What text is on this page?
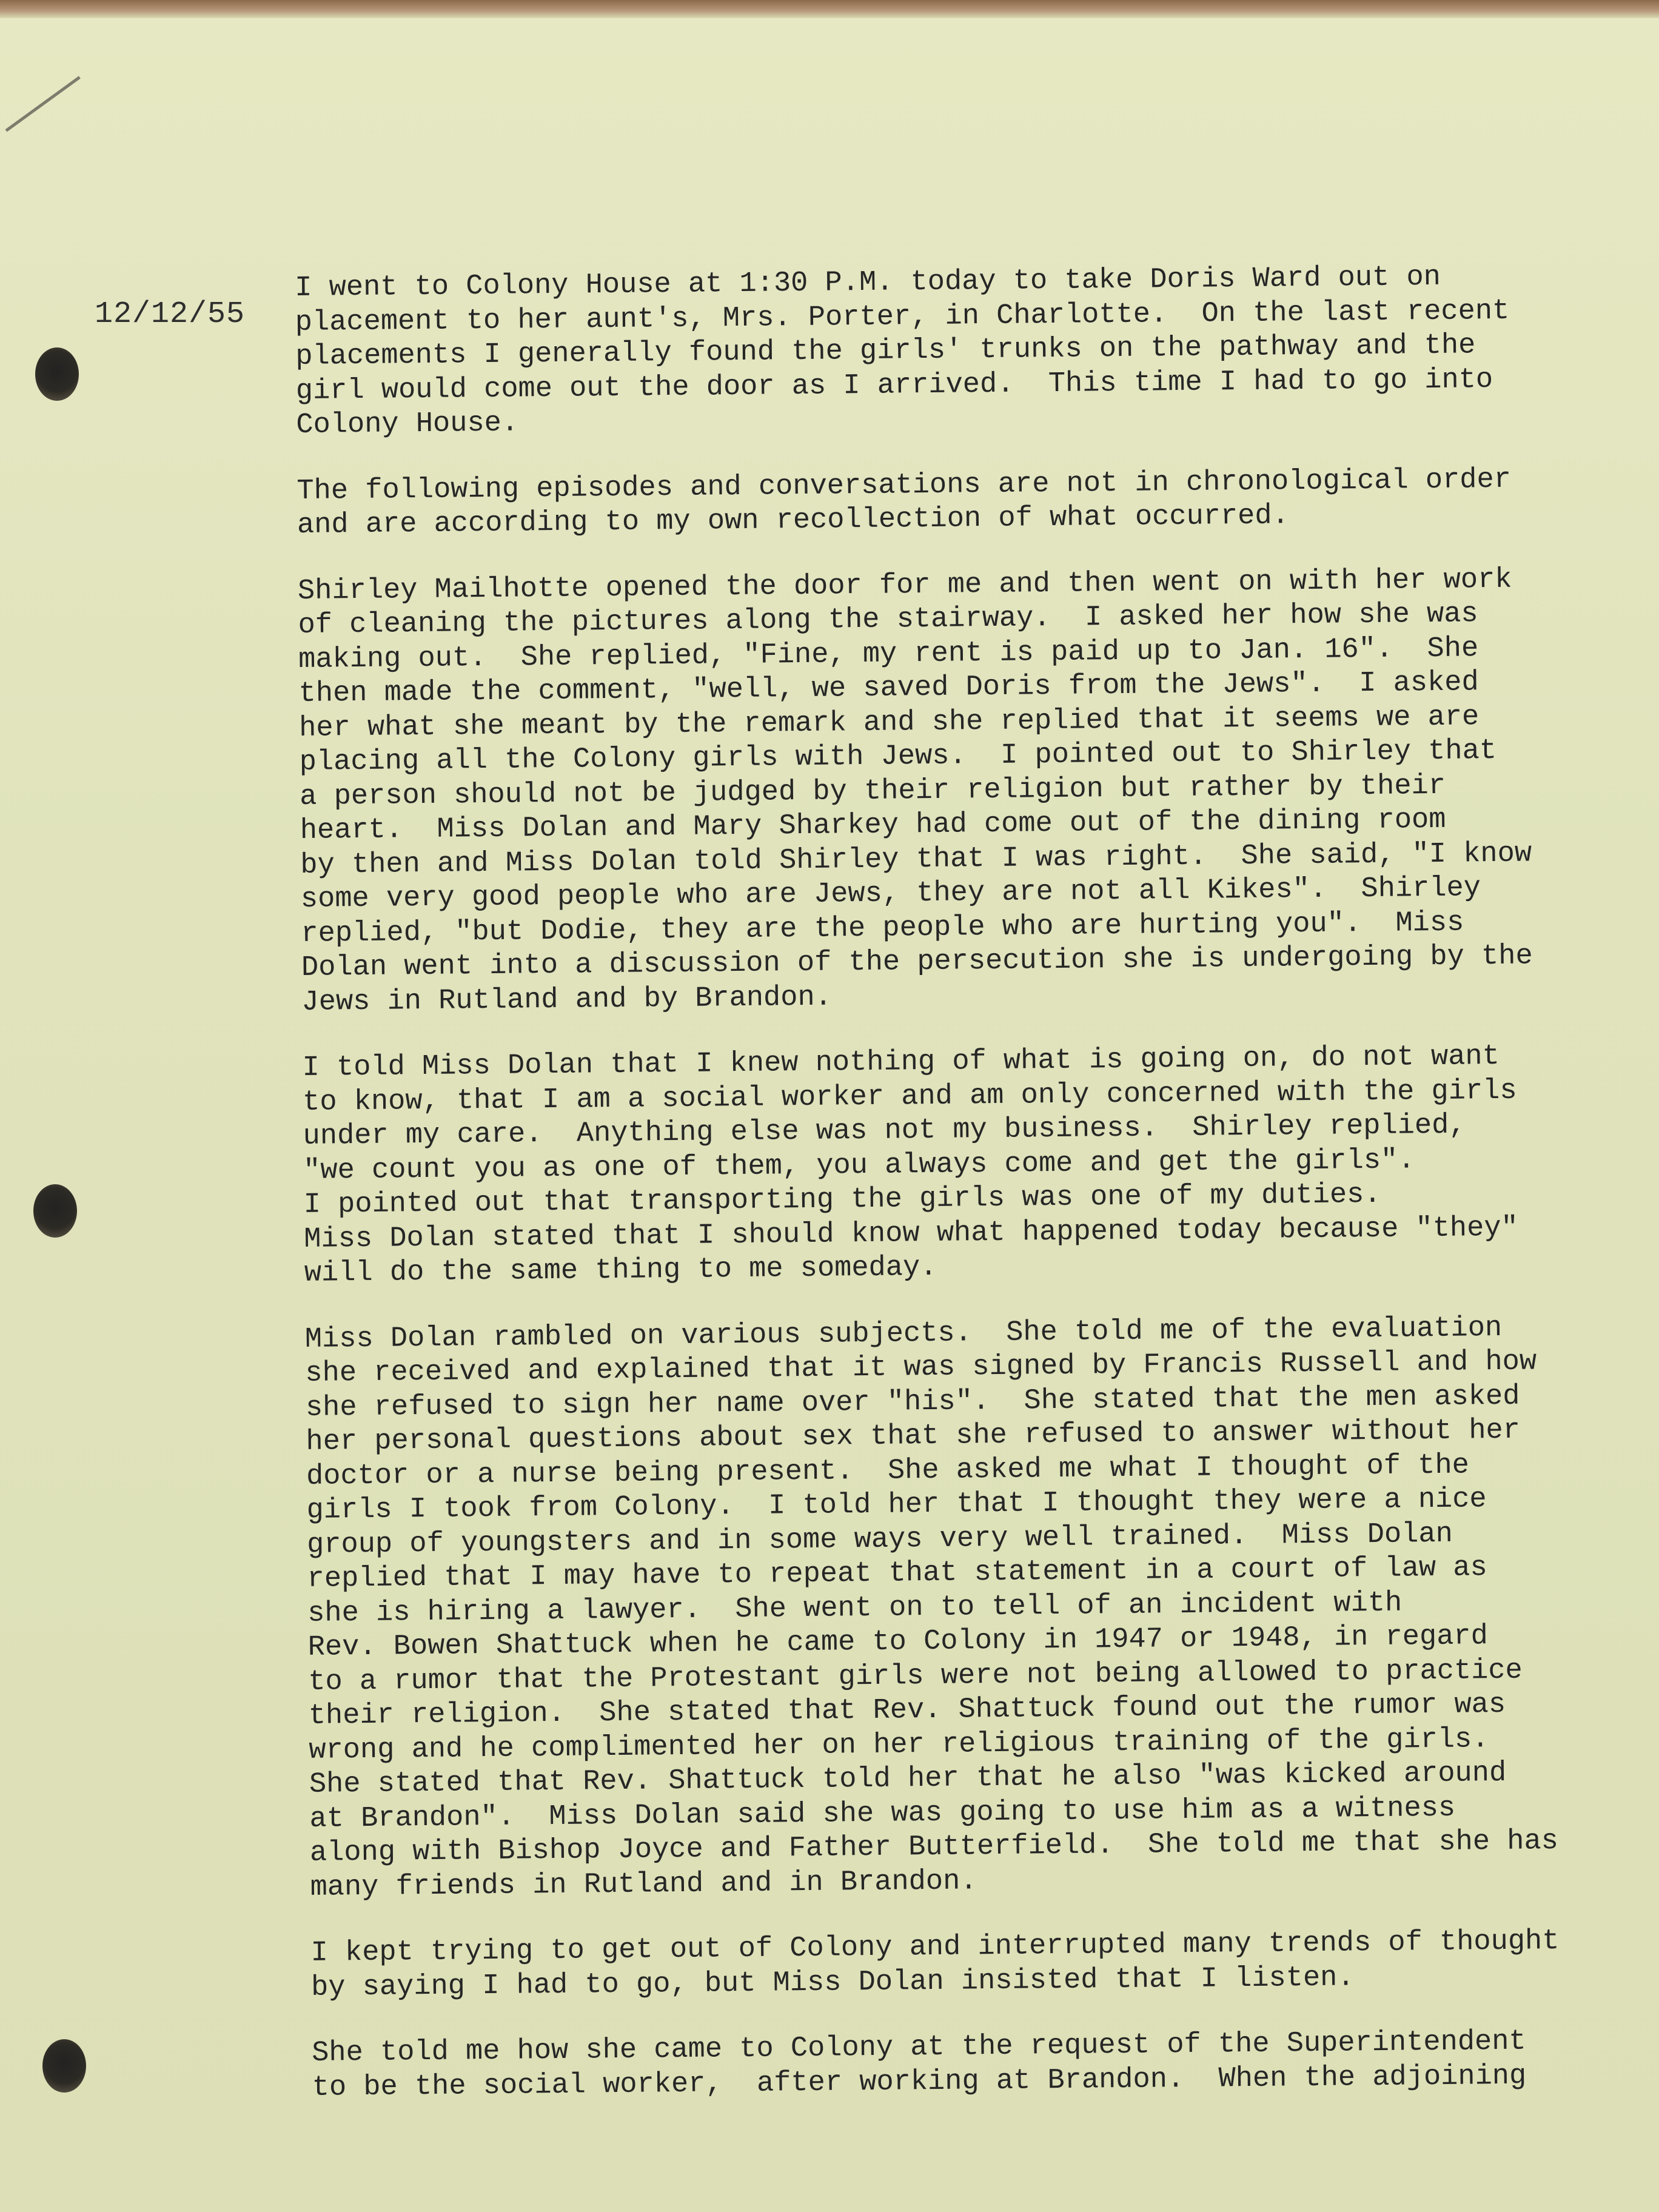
12/12/55
I went to Colony House at 1:30 P.M. today to take Doris Ward out on
placement to her aunt's, Mrs. Porter, in Charlotte.  On the last recent
placements I generally found the girls' trunks on the pathway and the
girl would come out the door as I arrived.  This time I had to go into
Colony House.
The following episodes and conversations are not in chronological order
and are according to my own recollection of what occurred.
Shirley Mailhotte opened the door for me and then went on with her work
of cleaning the pictures along the stairway.  I asked her how she was
making out.  She replied, "Fine, my rent is paid up to Jan. 16".  She
then made the comment, "well, we saved Doris from the Jews".  I asked
her what she meant by the remark and she replied that it seems we are
placing all the Colony girls with Jews.  I pointed out to Shirley that
a person should not be judged by their religion but rather by their
heart.  Miss Dolan and Mary Sharkey had come out of the dining room
by then and Miss Dolan told Shirley that I was right.  She said, "I know
some very good people who are Jews, they are not all Kikes".  Shirley
replied, "but Dodie, they are the people who are hurting you".  Miss
Dolan went into a discussion of the persecution she is undergoing by the
Jews in Rutland and by Brandon.
I told Miss Dolan that I knew nothing of what is going on, do not want
to know, that I am a social worker and am only concerned with the girls
under my care.  Anything else was not my business.  Shirley replied,
"we count you as one of them, you always come and get the girls".
I pointed out that transporting the girls was one of my duties.
Miss Dolan stated that I should know what happened today because "they"
will do the same thing to me someday.
Miss Dolan rambled on various subjects.  She told me of the evaluation
she received and explained that it was signed by Francis Russell and how
she refused to sign her name over "his".  She stated that the men asked
her personal questions about sex that she refused to answer without her
doctor or a nurse being present.  She asked me what I thought of the
girls I took from Colony.  I told her that I thought they were a nice
group of youngsters and in some ways very well trained.  Miss Dolan
replied that I may have to repeat that statement in a court of law as
she is hiring a lawyer.  She went on to tell of an incident with
Rev. Bowen Shattuck when he came to Colony in 1947 or 1948, in regard
to a rumor that the Protestant girls were not being allowed to practice
their religion.  She stated that Rev. Shattuck found out the rumor was
wrong and he complimented her on her religious training of the girls.
She stated that Rev. Shattuck told her that he also "was kicked around
at Brandon".  Miss Dolan said she was going to use him as a witness
along with Bishop Joyce and Father Butterfield.  She told me that she has
many friends in Rutland and in Brandon.
I kept trying to get out of Colony and interrupted many trends of thought
by saying I had to go, but Miss Dolan insisted that I listen.
She told me how she came to Colony at the request of the Superintendent
to be the social worker,  after working at Brandon.  When the adjoining
